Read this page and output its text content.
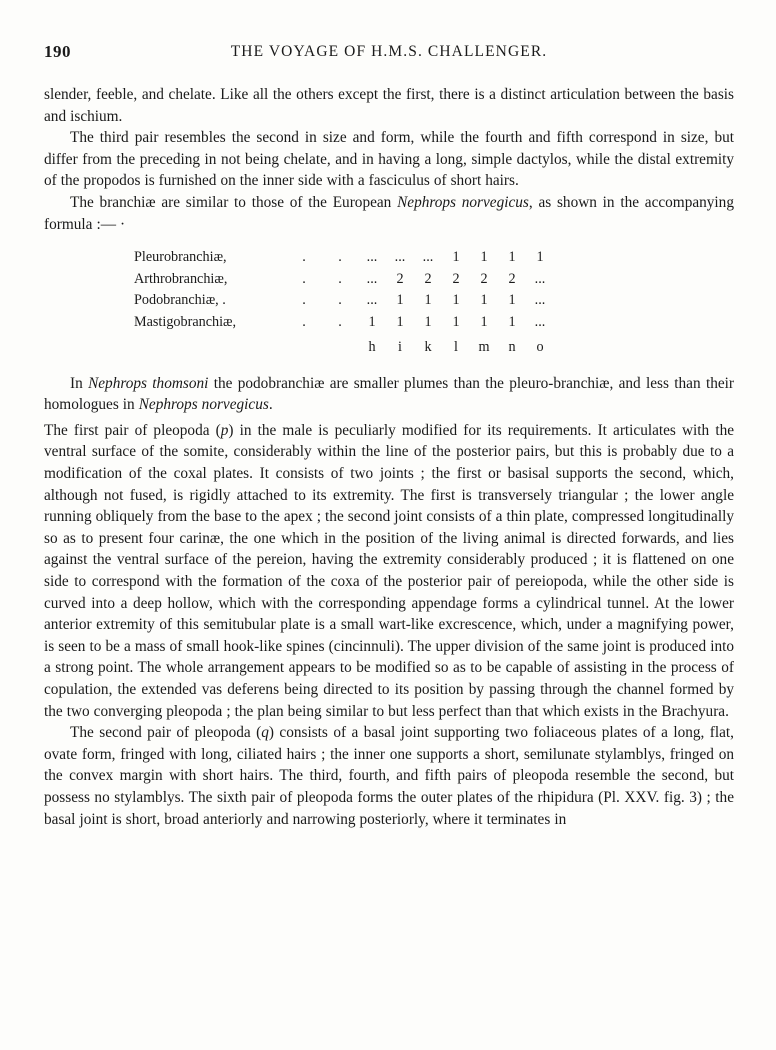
190	THE VOYAGE OF H.M.S. CHALLENGER.

slender, feeble, and chelate. Like all the others except the first, there is a distinct articulation between the basis and ischium.

The third pair resembles the second in size and form, while the fourth and fifth correspond in size, but differ from the preceding in not being chelate, and in having a long, simple dactylos, while the distal extremity of the propodos is furnished on the inner side with a fasciculus of short hairs.

The branchiæ are similar to those of the European Nephrops norvegicus, as shown in the accompanying formula :— ·

Pleurobranchiæ,	.	.	...	...	...	1	1	1	1
Arthrobranchiæ,	.	.	...	2	2	2	2	2	...
Podobranchiæ, .	.	.	...	1	1	1	1	1	...
Mastigobranchiæ,	.	.	1	1	1	1	1	1	...
			h	i	k	l	m	n	o

In Nephrops thomsoni the podobranchiæ are smaller plumes than the pleuro-branchiæ, and less than their homologues in Nephrops norvegicus.

The first pair of pleopoda (p) in the male is peculiarly modified for its requirements. It articulates with the ventral surface of the somite, considerably within the line of the posterior pairs, but this is probably due to a modification of the coxal plates. It consists of two joints ; the first or basisal supports the second, which, although not fused, is rigidly attached to its extremity. The first is transversely triangular ; the lower angle running obliquely from the base to the apex ; the second joint consists of a thin plate, compressed longitudinally so as to present four carinæ, the one which in the position of the living animal is directed forwards, and lies against the ventral surface of the pereion, having the extremity considerably produced ; it is flattened on one side to correspond with the formation of the coxa of the posterior pair of pereiopoda, while the other side is curved into a deep hollow, which with the corresponding appendage forms a cylindrical tunnel. At the lower anterior extremity of this semitubular plate is a small wart-like excrescence, which, under a magnifying power, is seen to be a mass of small hook-like spines (cincinnuli). The upper division of the same joint is produced into a strong point. The whole arrangement appears to be modified so as to be capable of assisting in the process of copulation, the extended vas deferens being directed to its position by passing through the channel formed by the two converging pleopoda ; the plan being similar to but less perfect than that which exists in the Brachyura.

The second pair of pleopoda (q) consists of a basal joint supporting two foliaceous plates of a long, flat, ovate form, fringed with long, ciliated hairs ; the inner one supports a short, semilunate stylamblys, fringed on the convex margin with short hairs. The third, fourth, and fifth pairs of pleopoda resemble the second, but possess no stylamblys. The sixth pair of pleopoda forms the outer plates of the rhipidura (Pl. XXV. fig. 3) ; the basal joint is short, broad anteriorly and narrowing posteriorly, where it terminates in
